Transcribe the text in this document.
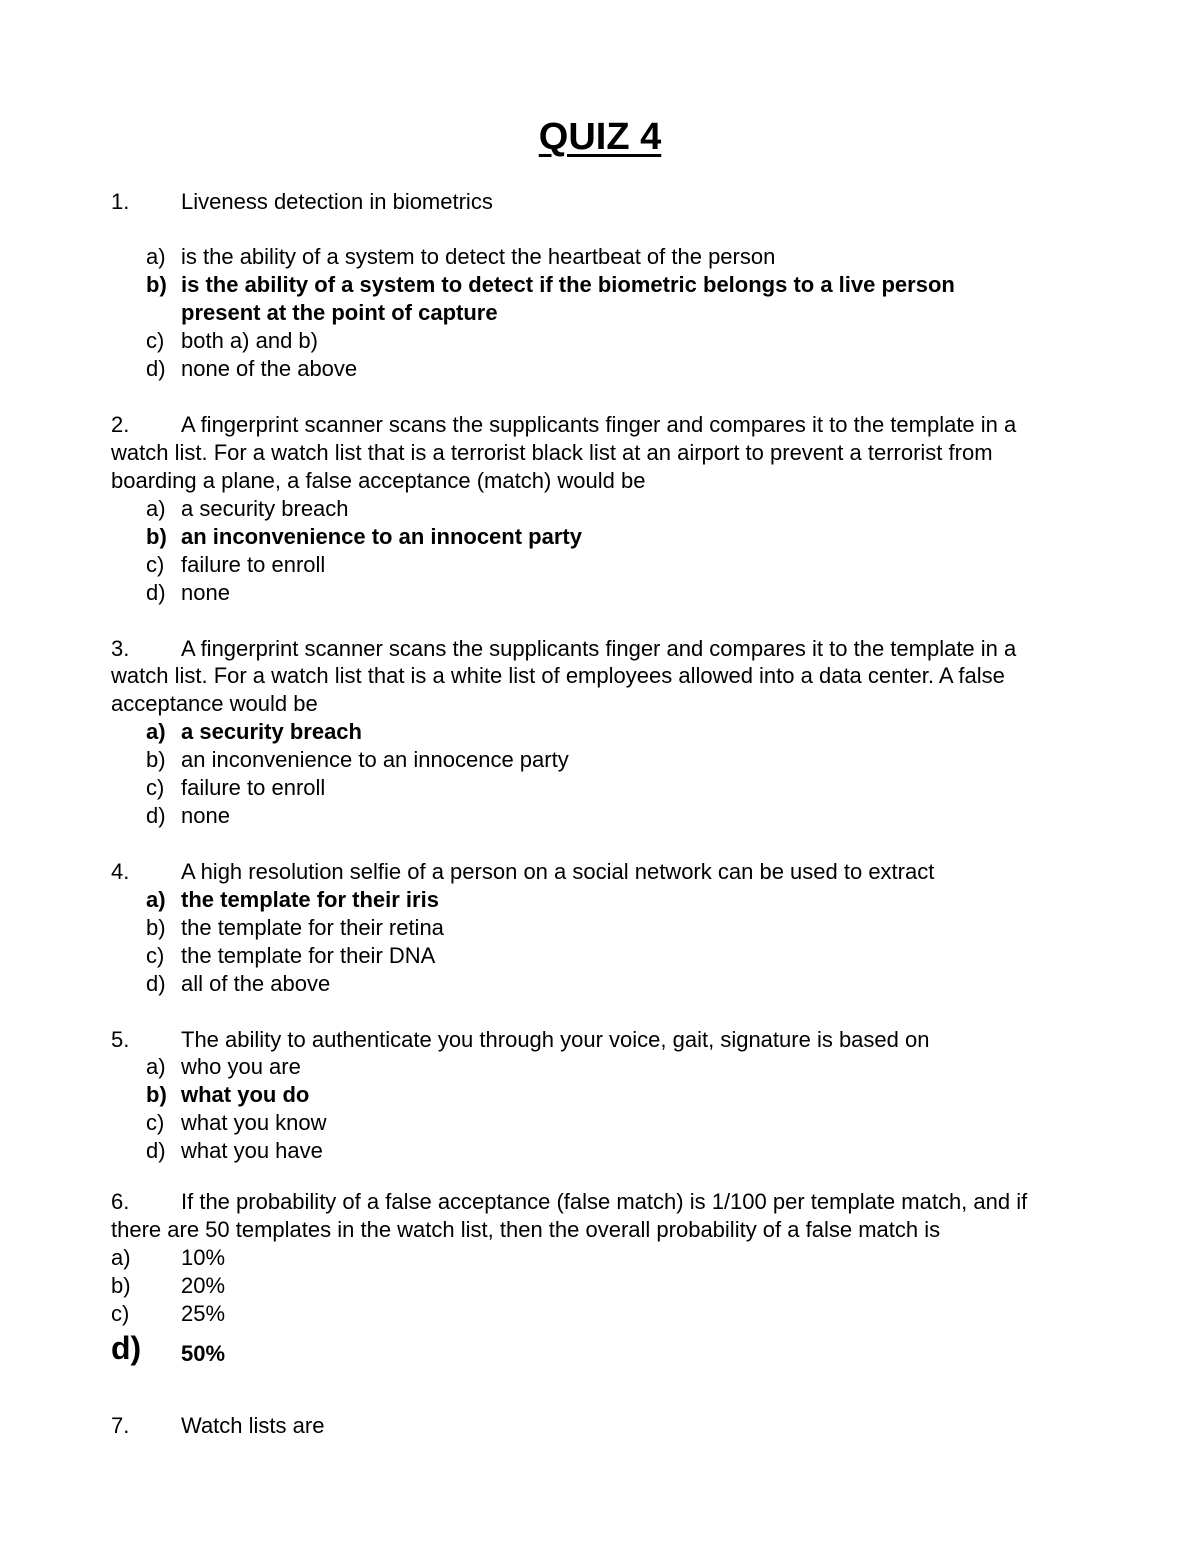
QUIZ 4
1. Liveness detection in biometrics
a) is the ability of a system to detect the heartbeat of the person
b) is the ability of a system to detect if the biometric belongs to a live person
present at the point of capture
c) both a) and b)
d) none of the above
2. A fingerprint scanner scans the supplicants finger and compares it to the template in a
watch list. For a watch list that is a terrorist black list at an airport to prevent a terrorist from
boarding a plane, a false acceptance (match) would be
a) a security breach
b) an inconvenience to an innocent party
c) failure to enroll
d) none
3. A fingerprint scanner scans the supplicants finger and compares it to the template in a
watch list. For a watch list that is a white list of employees allowed into a data center. A false
acceptance would be
a) a security breach
b) an inconvenience to an innocence party
c) failure to enroll
d) none
4. A high resolution selfie of a person on a social network can be used to extract
a) the template for their iris
b) the template for their retina
c) the template for their DNA
d) all of the above
5. The ability to authenticate you through your voice, gait, signature is based on
a) who you are
b) what you do
c) what you know
d) what you have
6. If the probability of a false acceptance (false match) is 1/100 per template match, and if
there are 50 templates in the watch list, then the overall probability of a false match is
a) 10%
b) 20%
c) 25%
d) 50%
7. Watch lists are
